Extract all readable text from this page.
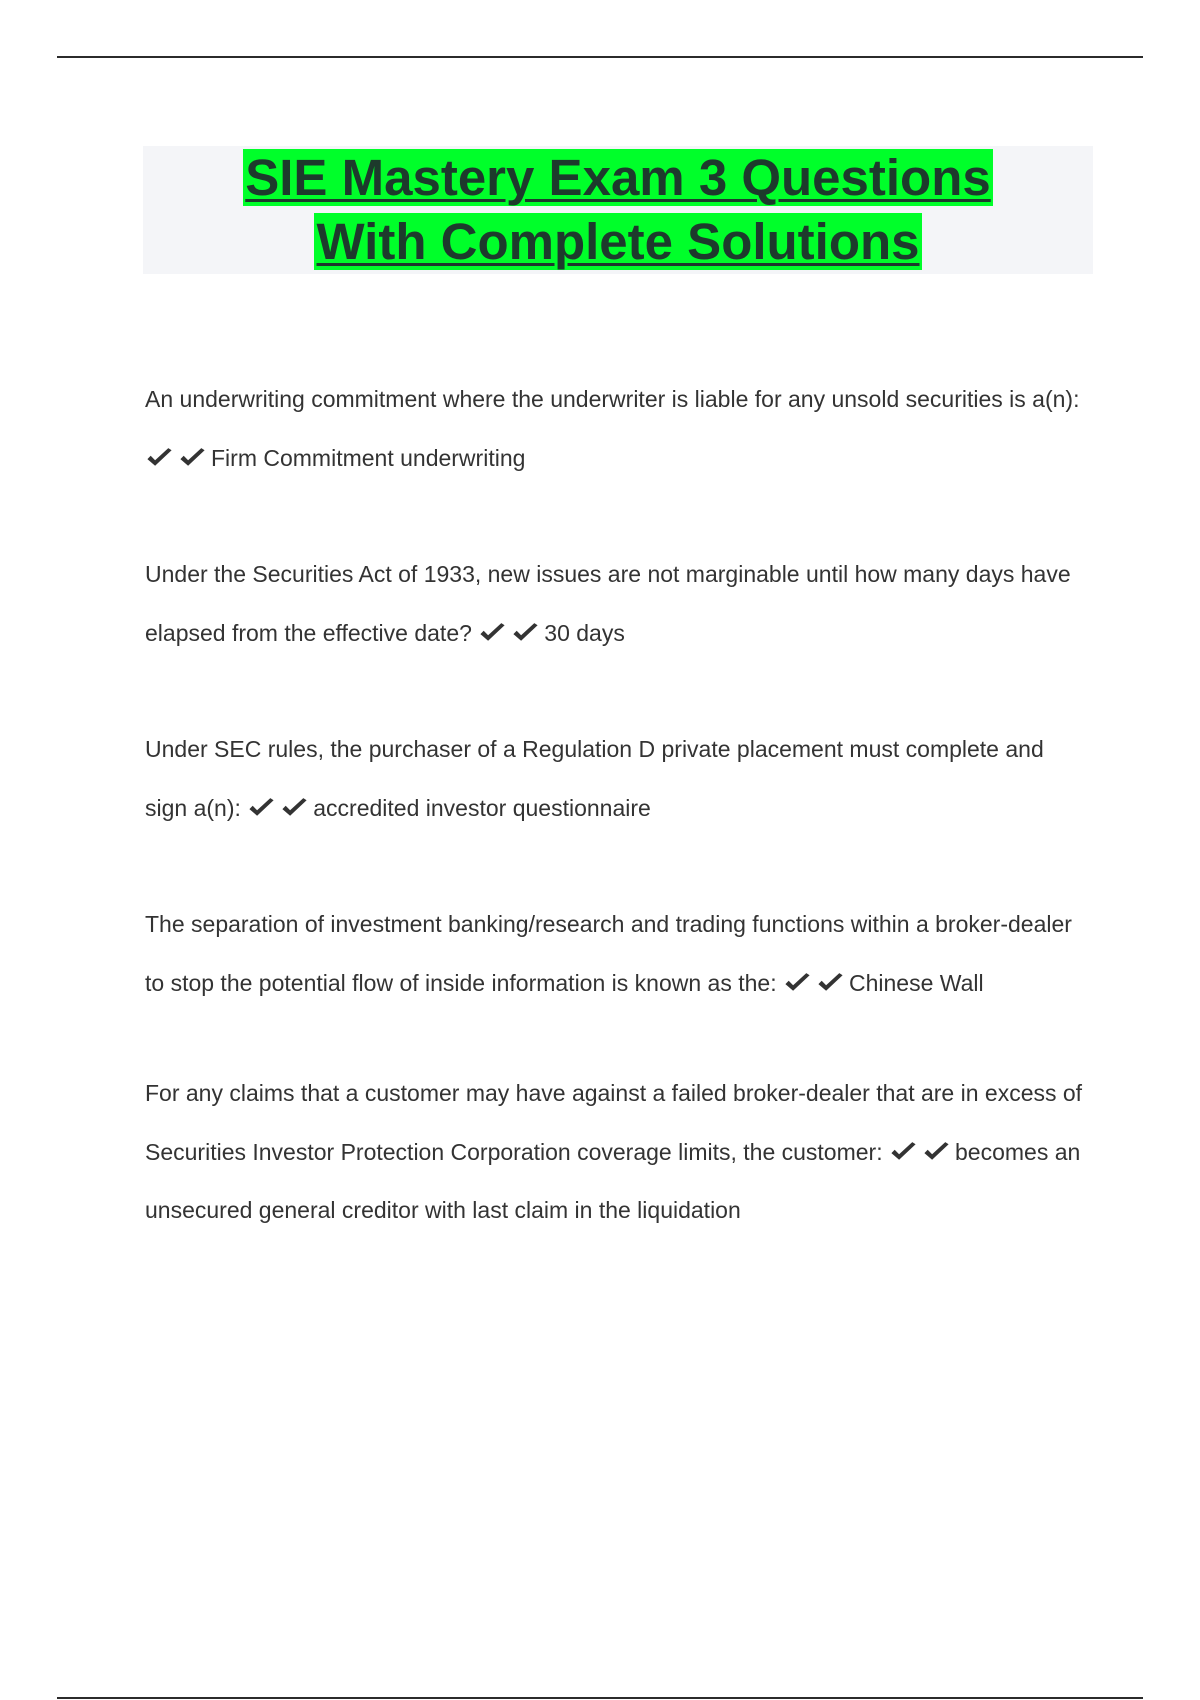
SIE Mastery Exam 3 Questions
With Complete Solutions

An underwriting commitment where the underwriter is liable for any unsold securities is a(n):
Firm Commitment underwriting

Under the Securities Act of 1933, new issues are not marginable until how many days have elapsed from the effective date?	30 days

Under SEC rules, the purchaser of a Regulation D private placement must complete and sign a(n):	accredited investor questionnaire

The separation of investment banking/research and trading functions within a broker-dealer to stop the potential flow of inside information is known as the:	Chinese Wall

For any claims that a customer may have against a failed broker-dealer that are in excess of Securities Investor Protection Corporation coverage limits, the customer:	becomes an unsecured general creditor with last claim in the liquidation
